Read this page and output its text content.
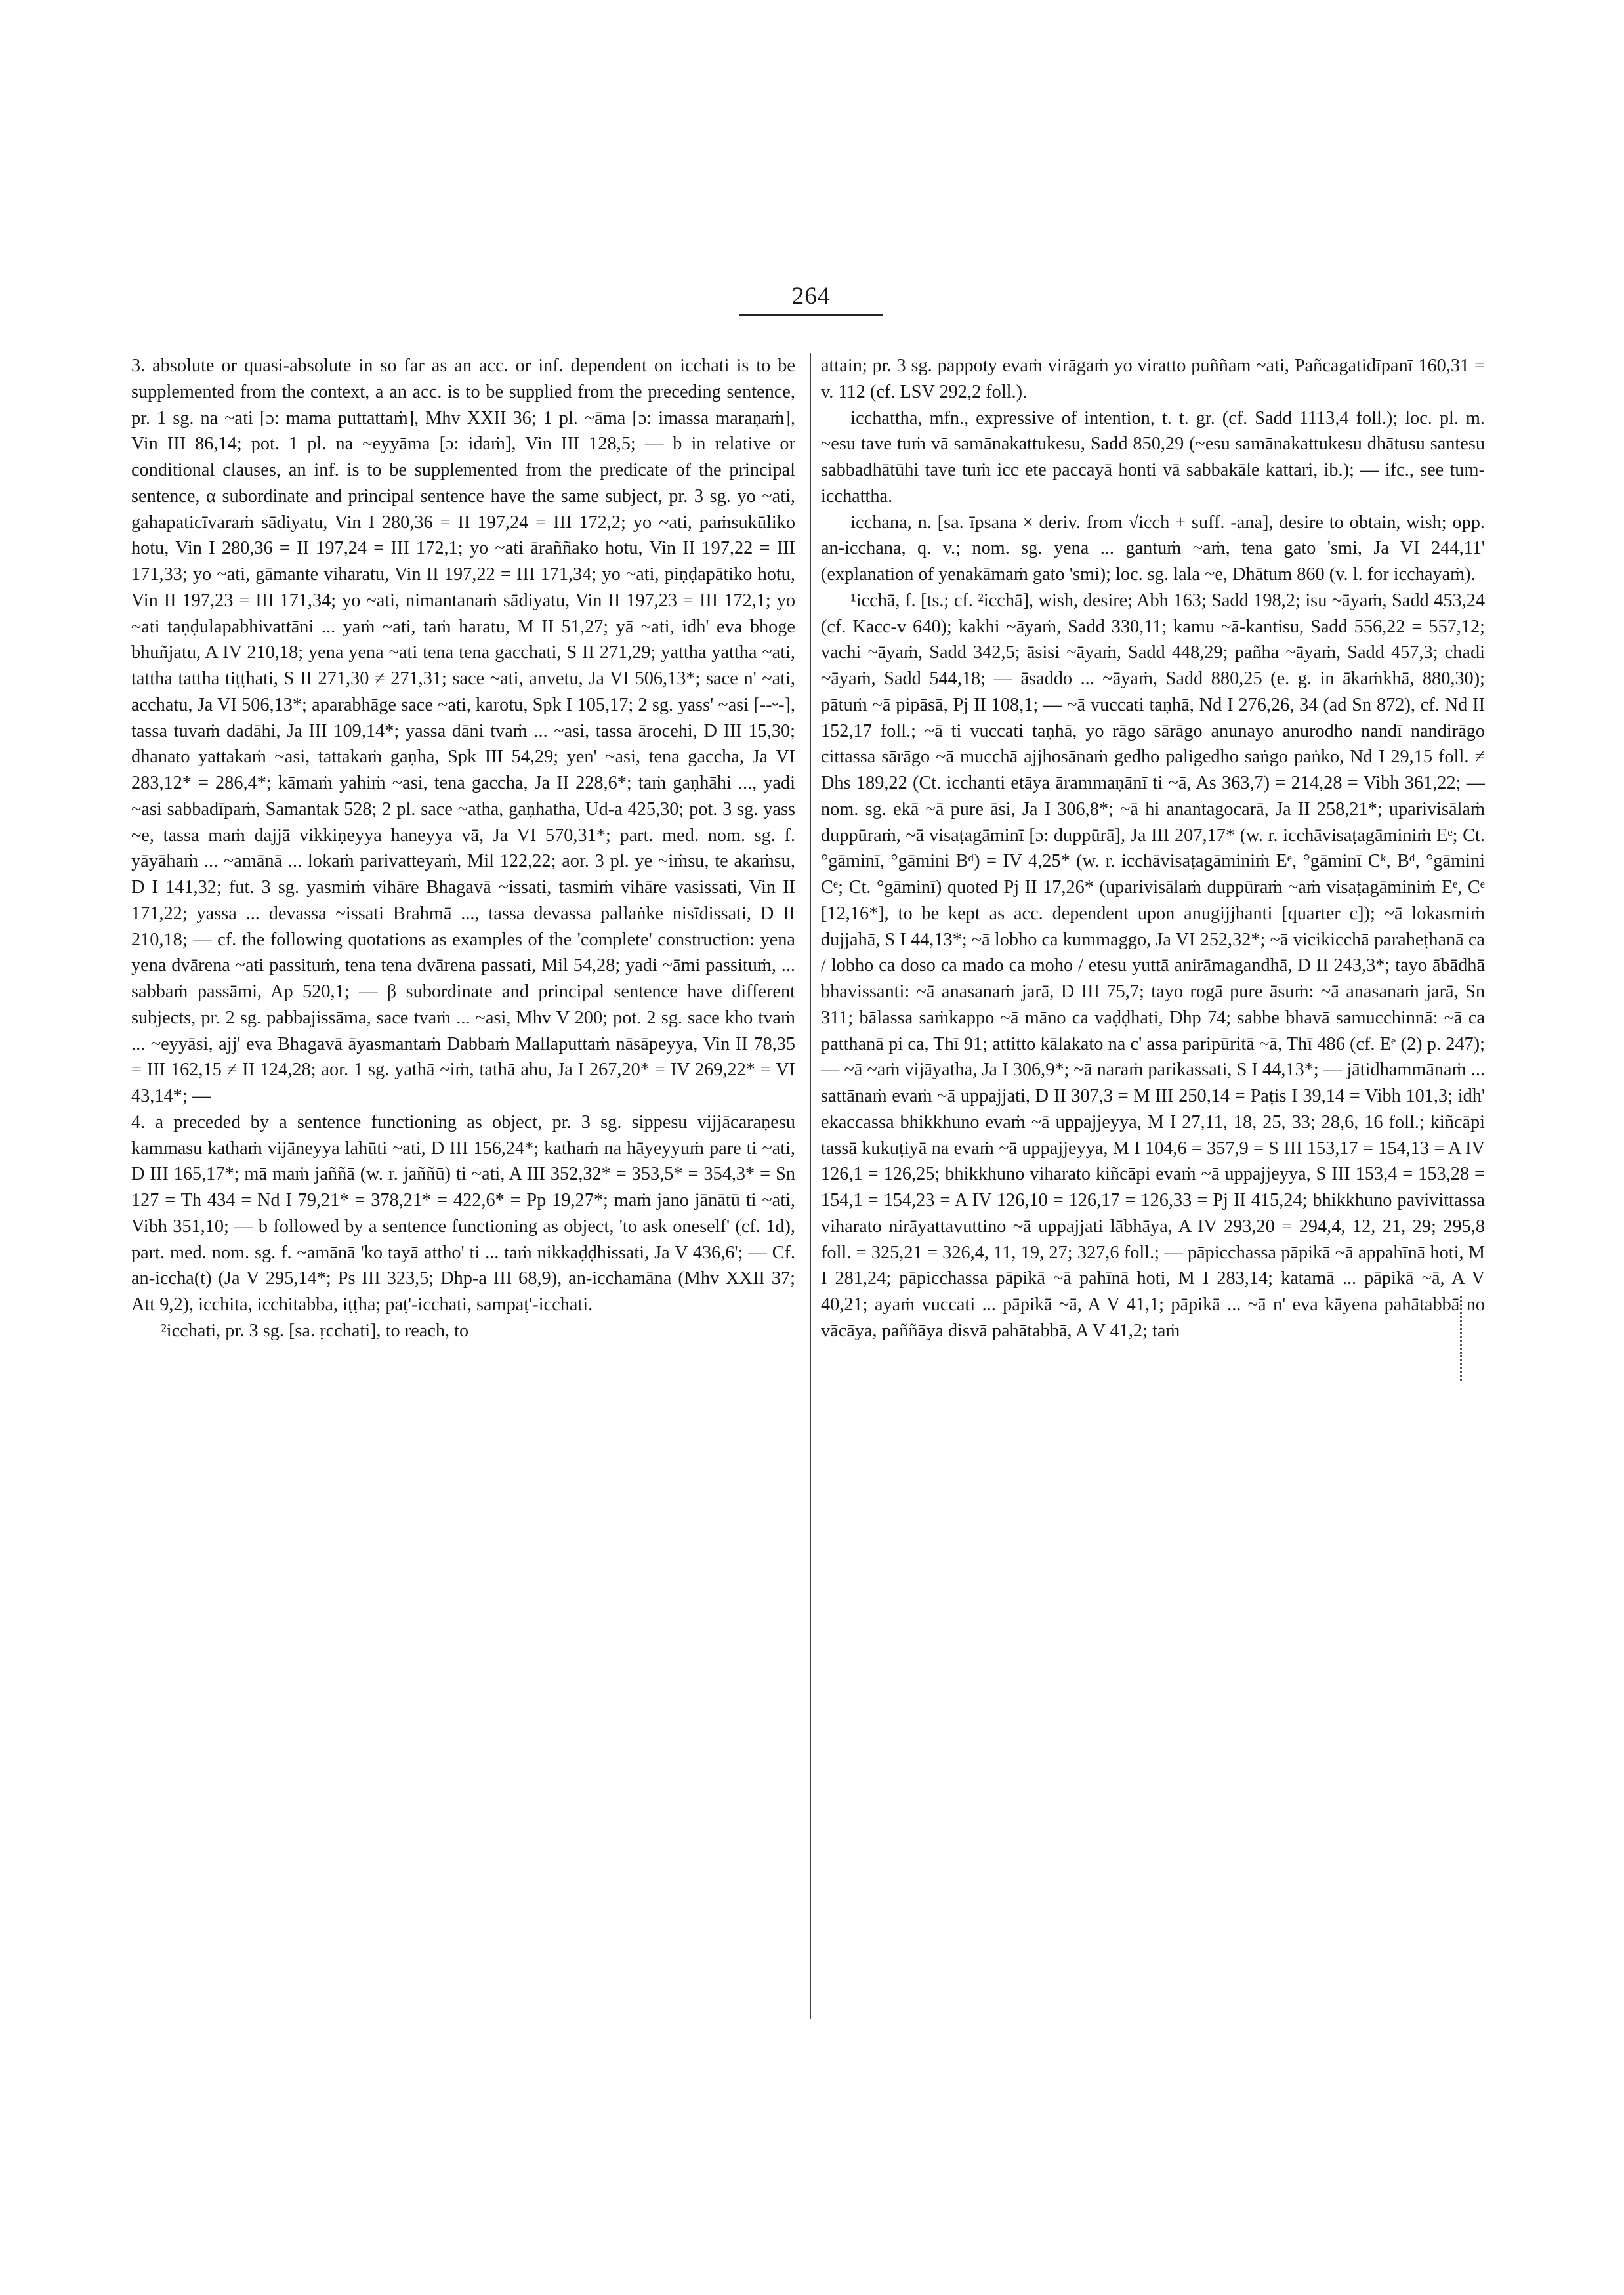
264

3. absolute or quasi-absolute in so far as an acc. or inf. dependent on icchati is to be supplemented from the context, a an acc. is to be supplied from the preceding sentence, pr. 1 sg. na ~ati [ɔ: mama puttattaṁ], Mhv XXII 36; 1 pl. ~āma [ɔ: imassa maraṇaṁ], Vin III 86,14; pot. 1 pl. na ~eyyāma [ɔ: idaṁ], Vin III 128,5; — b in relative or conditional clauses, an inf. is to be supplemented from the predicate of the principal sentence, α subordinate and principal sentence have the same subject, pr. 3 sg. yo ~ati, gahapaticīvaraṁ sādiyatu, Vin I 280,36 = II 197,24 = III 172,2; yo ~ati, paṁsukūliko hotu, Vin I 280,36 = II 197,24 = III 172,1; yo ~ati āraññako hotu, Vin II 197,22 = III 171,33; yo ~ati, gāmante viharatu, Vin II 197,22 = III 171,34; yo ~ati, piṇḍapātiko hotu, Vin II 197,23 = III 171,34; yo ~ati, nimantanaṁ sādiyatu, Vin II 197,23 = III 172,1; yo ~ati taṇḍulapabhivattāni ... yaṁ ~ati, taṁ haratu, M II 51,27; yā ~ati, idh' eva bhoge bhuñjatu, A IV 210,18; yena yena ~ati tena tena gacchati, S II 271,29; yattha yattha ~ati, tattha tattha tiṭṭhati, S II 271,30 ≠ 271,31; sace ~ati, anvetu, Ja VI 506,13*; sace n' ~ati, acchatu, Ja VI 506,13*; aparabhāge sace ~ati, karotu, Spk I 105,17; 2 sg. yass' ~asi [--⏑-], tassa tuvaṁ dadāhi, Ja III 109,14*; yassa dāni tvaṁ ... ~asi, tassa ārocehi, D III 15,30; dhanato yattakaṁ ~asi, tattakaṁ gaṇha, Spk III 54,29; yen' ~asi, tena gaccha, Ja VI 283,12* = 286,4*; kāmaṁ yahiṁ ~asi, tena gaccha, Ja II 228,6*; taṁ gaṇhāhi ..., yadi ~asi sabbadīpaṁ, Samantak 528; 2 pl. sace ~atha, gaṇhatha, Ud-a 425,30; pot. 3 sg. yass ~e, tassa maṁ dajjā vikkiṇeyya haneyya vā, Ja VI 570,31*; part. med. nom. sg. f. yāyāhaṁ ... ~amānā ... lokaṁ parivatteyaṁ, Mil 122,22; aor. 3 pl. ye ~iṁsu, te akaṁsu, D I 141,32; fut. 3 sg. yasmiṁ vihāre Bhagavā ~issati, tasmiṁ vihāre vasissati, Vin II 171,22; yassa ... devassa ~issati Brahmā ..., tassa devassa pallaṅke nisīdissati, D II 210,18; — cf. the following quotations as examples of the 'complete' construction: yena yena dvārena ~ati passituṁ, tena tena dvārena passati, Mil 54,28; yadi ~āmi passituṁ, ... sabbaṁ passāmi, Ap 520,1; — β subordinate and principal sentence have different subjects, pr. 2 sg. pabbajissāma, sace tvaṁ ... ~asi, Mhv V 200; pot. 2 sg. sace kho tvaṁ ... ~eyyāsi, ajj' eva Bhagavā āyasmantaṁ Dabbaṁ Mallaputtaṁ nāsāpeyya, Vin II 78,35 = III 162,15 ≠ II 124,28; aor. 1 sg. yathā ~iṁ, tathā ahu, Ja I 267,20* = IV 269,22* = VI 43,14*; —

4. a preceded by a sentence functioning as object, pr. 3 sg. sippesu vijjācaraṇesu kammasu kathaṁ vijāneyya lahūti ~ati, D III 156,24*; kathaṁ na hāyeyyuṁ pare ti ~ati, D III 165,17*; mā maṁ jaññā (w. r. jaññū) ti ~ati, A III 352,32* = 353,5* = 354,3* = Sn 127 = Th 434 = Nd I 79,21* = 378,21* = 422,6* = Pp 19,27*; maṁ jano jānātū ti ~ati, Vibh 351,10; — b followed by a sentence functioning as object, 'to ask oneself' (cf. 1d), part. med. nom. sg. f. ~amānā 'ko tayā attho' ti ... taṁ nikkaḍḍhissati, Ja V 436,6'; — Cf. an-iccha(t) (Ja V 295,14*; Ps III 323,5; Dhp-a III 68,9), an-icchamāna (Mhv XXII 37; Att 9,2), icchita, icchitabba, iṭṭha; paṭ'-icchati, sampaṭ'-icchati.

²icchati, pr. 3 sg. [sa. ṛcchati], to reach, to

attain; pr. 3 sg. pappoty evaṁ virāgaṁ yo viratto puññam ~ati, Pañcagatidīpanī 160,31 = v. 112 (cf. LSV 292,2 foll.).

icchattha, mfn., expressive of intention, t. t. gr. (cf. Sadd 1113,4 foll.); loc. pl. m. ~esu tave tuṁ vā samānakattukesu, Sadd 850,29 (~esu samānakattukesu dhātusu santesu sabbadhātūhi tave tuṁ icc ete paccayā honti vā sabbakāle kattari, ib.); — ifc., see tum-icchattha.

icchana, n. [sa. īpsana × deriv. from √icch + suff. -ana], desire to obtain, wish; opp. an-icchana, q. v.; nom. sg. yena ... gantuṁ ~aṁ, tena gato 'smi, Ja VI 244,11' (explanation of yenakāmaṁ gato 'smi); loc. sg. lala ~e, Dhātum 860 (v. l. for icchayaṁ).

¹icchā, f. [ts.; cf. ²icchā], wish, desire; Abh 163; Sadd 198,2; isu ~āyaṁ, Sadd 453,24 (cf. Kacc-v 640); kakhi ~āyaṁ, Sadd 330,11; kamu ~ā-kantisu, Sadd 556,22 = 557,12; vachi ~āyaṁ, Sadd 342,5; āsisi ~āyaṁ, Sadd 448,29; pañha ~āyaṁ, Sadd 457,3; chadi ~āyaṁ, Sadd 544,18; — āsaddo ... ~āyaṁ, Sadd 880,25 (e. g. in ākaṁkhā, 880,30); pātuṁ ~ā pipāsā, Pj II 108,1; — ~ā vuccati taṇhā, Nd I 276,26, 34 (ad Sn 872), cf. Nd II 152,17 foll.; ~ā ti vuccati taṇhā, yo rāgo sārāgo anunayo anurodho nandī nandirāgo cittassa sārāgo ~ā mucchā ajjhosānaṁ gedho paligedho saṅgo paṅko, Nd I 29,15 foll. ≠ Dhs 189,22 (Ct. icchanti etāya ārammaṇānī ti ~ā, As 363,7) = 214,28 = Vibh 361,22; — nom. sg. ekā ~ā pure āsi, Ja I 306,8*; ~ā hi anantagocarā, Ja II 258,21*; uparivisālaṁ duppūraṁ, ~ā visaṭagāminī [ɔ: duppūrā], Ja III 207,17* (w. r. icchāvisaṭagāminiṁ Eᵉ; Ct. °gāminī, °gāmini Bᵈ) = IV 4,25* (w. r. icchāvisaṭagāminiṁ Eᵉ, °gāminī Cᵏ, Bᵈ, °gāmini Cᵉ; Ct. °gāminī) quoted Pj II 17,26* (uparivisālaṁ duppūraṁ ~aṁ visaṭagāminiṁ Eᵉ, Cᵉ [12,16*], to be kept as acc. dependent upon anugijjhanti [quarter c]); ~ā lokasmiṁ dujjahā, S I 44,13*; ~ā lobho ca kummaggo, Ja VI 252,32*; ~ā vicikicchā paraheṭhanā ca / lobho ca doso ca mado ca moho / etesu yuttā anirāmagandhā, D II 243,3*; tayo ābādhā bhavissanti: ~ā anasanaṁ jarā, D III 75,7; tayo rogā pure āsuṁ: ~ā anasanaṁ jarā, Sn 311; bālassa saṁkappo ~ā māno ca vaḍḍhati, Dhp 74; sabbe bhavā samucchinnā: ~ā ca patthanā pi ca, Thī 91; attitto kālakato na c' assa paripūritā ~ā, Thī 486 (cf. Eᵉ (2) p. 247); — ~ā ~aṁ vijāyatha, Ja I 306,9*; ~ā naraṁ parikassati, S I 44,13*; — jātidhammānaṁ ... sattānaṁ evaṁ ~ā uppajjati, D II 307,3 = M III 250,14 = Paṭis I 39,14 = Vibh 101,3; idh' ekaccassa bhikkhuno evaṁ ~ā uppajjeyya, M I 27,11, 18, 25, 33; 28,6, 16 foll.; kiñcāpi tassā kukuṭiyā na evaṁ ~ā uppajjeyya, M I 104,6 = 357,9 = S III 153,17 = 154,13 = A IV 126,1 = 126,25; bhikkhuno viharato kiñcāpi evaṁ ~ā uppajjeyya, S III 153,4 = 153,28 = 154,1 = 154,23 = A IV 126,10 = 126,17 = 126,33 = Pj II 415,24; bhikkhuno pavivittassa viharato nirāyattavuttino ~ā uppajjati lābhāya, A IV 293,20 = 294,4, 12, 21, 29; 295,8 foll. = 325,21 = 326,4, 11, 19, 27; 327,6 foll.; — pāpicchassa pāpikā ~ā appahīnā hoti, M I 281,24; pāpicchassa pāpikā ~ā pahīnā hoti, M I 283,14; katamā ... pāpikā ~ā, A V 40,21; ayaṁ vuccati ... pāpikā ~ā, A V 41,1; pāpikā ... ~ā n' eva kāyena pahātabbā no vācāya, paññāya disvā pahātabbā, A V 41,2; taṁ
